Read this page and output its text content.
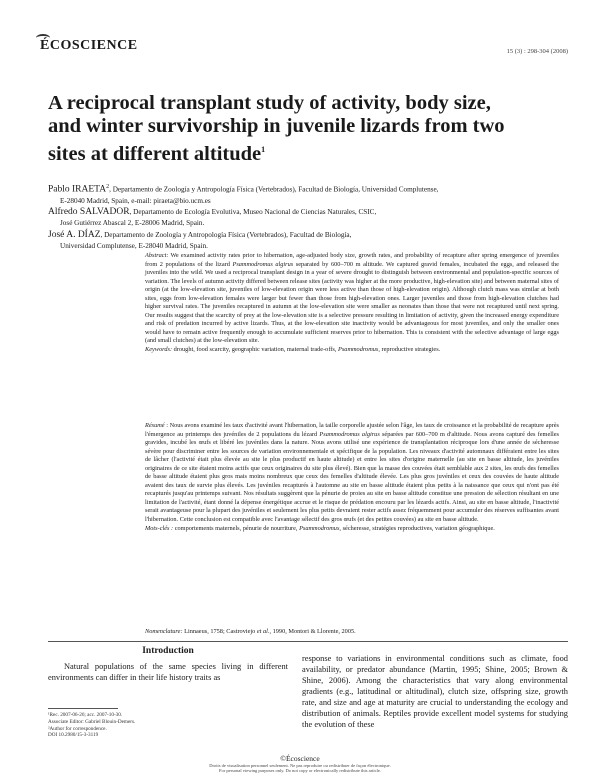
ÉCOSCIENCE	15 (3) : 298-304 (2008)
A reciprocal transplant study of activity, body size, and winter survivorship in juvenile lizards from two sites at different altitude$^1$
Pablo IRAETA$^2$, Departamento de Zoología y Antropología Física (Vertebrados), Facultad de Biología, Universidad Complutense,
E-28040 Madrid, Spain, e-mail: piraeta@bio.ucm.es
Alfredo SALVADOR, Departamento de Ecología Evolutiva, Museo Nacional de Ciencias Naturales, CSIC,
José Gutiérrez Abascal 2, E-28006 Madrid, Spain.
José A. DÍAZ, Departamento de Zoología y Antropología Física (Vertebrados), Facultad de Biología,
Universidad Complutense, E-28040 Madrid, Spain.
Abstract: We examined activity rates prior to hibernation, age-adjusted body size, growth rates, and probability of recapture after spring emergence of juveniles from 2 populations of the lizard Psammodromus algirus separated by 600–700 m altitude. We captured gravid females, incubated the eggs, and released the juveniles into the wild. We used a reciprocal transplant design in a year of severe drought to distinguish between environmental and population-specific sources of variation. The levels of autumn activity differed between release sites (activity was higher at the more productive, high-elevation site) and between maternal sites of origin (at the low-elevation site, juveniles of low-elevation origin were less active than those of high-elevation origin). Although clutch mass was similar at both sites, eggs from low-elevation females were larger but fewer than those from high-elevation ones. Larger juveniles and those from high-elevation clutches had higher survival rates. The juveniles recaptured in autumn at the low-elevation site were smaller as neonates than those that were not recaptured until next spring. Our results suggest that the scarcity of prey at the low-elevation site is a selective pressure resulting in limitation of activity, given the increased energy expenditure and risk of predation incurred by active lizards. Thus, at the low-elevation site inactivity would be advantageous for most juveniles, and only the smaller ones would have to remain active frequently enough to accumulate sufficient reserves prior to hibernation. This is consistent with the selective advantage of large eggs (and small clutches) at the low-elevation site.
Keywords: drought, food scarcity, geographic variation, maternal trade-offs, Psammodromus, reproductive strategies.
Résumé : Nous avons examiné les taux d'activité avant l'hibernation, la taille corporelle ajustée selon l'âge, les taux de croissance et la probabilité de recapture après l'émergence au printemps des juvéniles de 2 populations du lézard Psammodromus algirus séparées par 600–700 m d'altitude. Nous avons capturé des femelles gravides, incubé les œufs et libéré les juvéniles dans la nature. Nous avons utilisé une expérience de transplantation réciproque lors d'une année de sécheresse sévère pour discriminer entre les sources de variation environnementale et spécifique de la population. Les niveaux d'activité automnaux différaient entre les sites de lâcher (l'activité était plus élevée au site le plus productif en haute altitude) et entre les sites d'origine maternelle (au site en basse altitude, les juvéniles originaires de ce site étaient moins actifs que ceux originaires du site plus élevé). Bien que la masse des couvées était semblable aux 2 sites, les œufs des femelles de basse altitude étaient plus gros mais moins nombreux que ceux des femelles d'altitude élevée. Les plus gros juvéniles et ceux des couvées de haute altitude avaient des taux de survie plus élevés. Les juvéniles recapturés à l'automne au site en basse altitude étaient plus petits à la naissance que ceux qui n'ont pas été recapturés jusqu'au printemps suivant. Nos résultats suggèrent que la pénurie de proies au site en basse altitude constitue une pression de sélection résultant en une limitation de l'activité, étant donné la dépense énergétique accrue et le risque de prédation encouru par les lézards actifs. Ainsi, au site en basse altitude, l'inactivité serait avantageuse pour la plupart des juvéniles et seulement les plus petits devraient rester actifs assez fréquemment pour accumuler des réserves suffisantes avant l'hibernation. Cette conclusion est compatible avec l'avantage sélectif des gros œufs (et des petites couvées) au site en basse altitude.
Mots-clés : comportements maternels, pénurie de nourriture, Psammodromus, sécheresse, stratégies reproductives, variation géographique.
Nomenclature: Linnaeus, 1758; Castroviejo et al., 1990, Montori & Llorente, 2005.
Introduction
Natural populations of the same species living in different environments can differ in their life history traits as
response to variations in environmental conditions such as climate, food availability, or predator abundance (Martin, 1995; Shine, 2005; Brown & Shine, 2006). Among the characteristics that vary along environmental gradients (e.g., latitudinal or altitudinal), clutch size, offspring size, growth rate, and size and age at maturity are crucial to understanding the ecology and distribution of animals. Reptiles provide excellent model systems for studying the evolution of these
¹Rec. 2007-06-26; acc. 2007-10-30.
Associate Editor: Gabriel Blouin-Demers.
²Author for correspondence.
DOI 10.2980/15-3-3119
©Écoscience
Droits de visualisation personnel seulement. Ne pas reproduire ou redistribuer de façon électronique.
For personal viewing purposes only. Do not copy or electronically redistribute this article.
